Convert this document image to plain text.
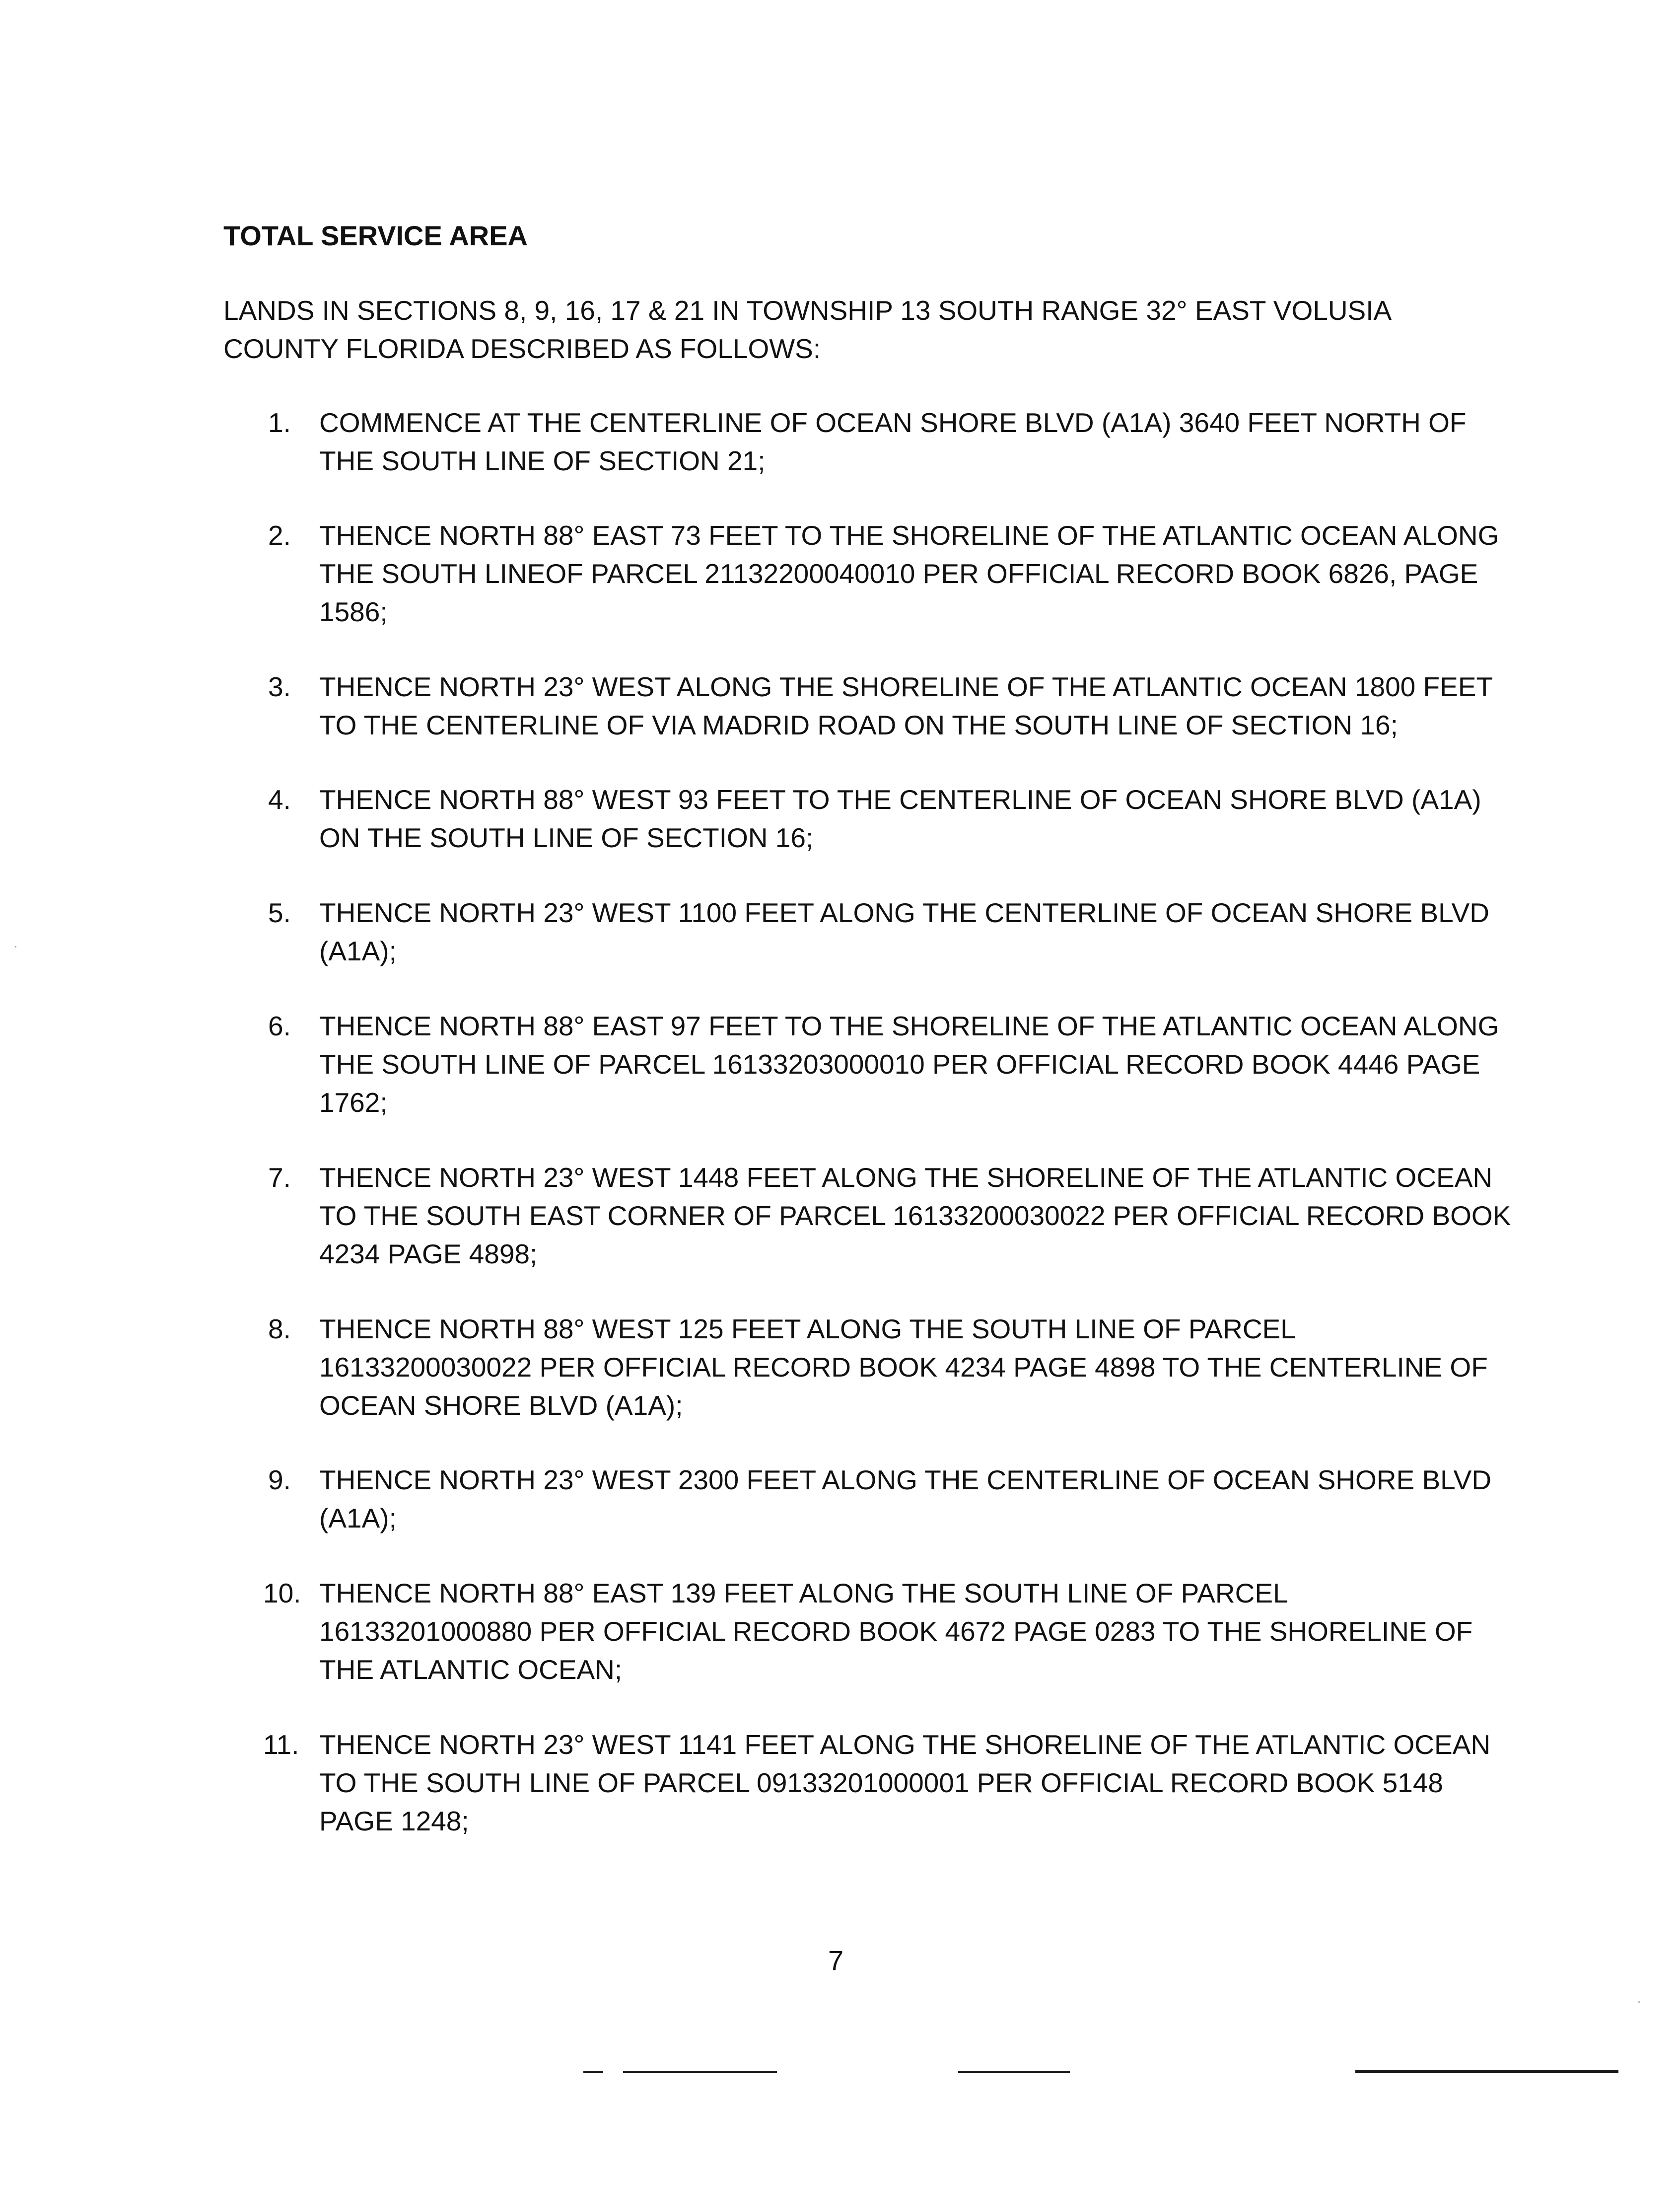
TOTAL SERVICE AREA
LANDS IN SECTIONS 8, 9, 16, 17 & 21 IN TOWNSHIP 13 SOUTH RANGE 32° EAST VOLUSIA
COUNTY FLORIDA DESCRIBED AS FOLLOWS:
1. COMMENCE AT THE CENTERLINE OF OCEAN SHORE BLVD (A1A) 3640 FEET NORTH OF
THE SOUTH LINE OF SECTION 21;
2. THENCE NORTH 88° EAST 73 FEET TO THE SHORELINE OF THE ATLANTIC OCEAN ALONG
THE SOUTH LINEOF PARCEL 21132200040010 PER OFFICIAL RECORD BOOK 6826, PAGE
1586;
3. THENCE NORTH 23° WEST ALONG THE SHORELINE OF THE ATLANTIC OCEAN 1800 FEET
TO THE CENTERLINE OF VIA MADRID ROAD ON THE SOUTH LINE OF SECTION 16;
4. THENCE NORTH 88° WEST 93 FEET TO THE CENTERLINE OF OCEAN SHORE BLVD (A1A)
ON THE SOUTH LINE OF SECTION 16;
5. THENCE NORTH 23° WEST 1100 FEET ALONG THE CENTERLINE OF OCEAN SHORE BLVD
(A1A);
6. THENCE NORTH 88° EAST 97 FEET TO THE SHORELINE OF THE ATLANTIC OCEAN ALONG
THE SOUTH LINE OF PARCEL 16133203000010 PER OFFICIAL RECORD BOOK 4446 PAGE
1762;
7. THENCE NORTH 23° WEST 1448 FEET ALONG THE SHORELINE OF THE ATLANTIC OCEAN
TO THE SOUTH EAST CORNER OF PARCEL 16133200030022 PER OFFICIAL RECORD BOOK
4234 PAGE 4898;
8. THENCE NORTH 88° WEST 125 FEET ALONG THE SOUTH LINE OF PARCEL
16133200030022 PER OFFICIAL RECORD BOOK 4234 PAGE 4898 TO THE CENTERLINE OF
OCEAN SHORE BLVD (A1A);
9. THENCE NORTH 23° WEST 2300 FEET ALONG THE CENTERLINE OF OCEAN SHORE BLVD
(A1A);
10. THENCE NORTH 88° EAST 139 FEET ALONG THE SOUTH LINE OF PARCEL
16133201000880 PER OFFICIAL RECORD BOOK 4672 PAGE 0283 TO THE SHORELINE OF
THE ATLANTIC OCEAN;
11. THENCE NORTH 23° WEST 1141 FEET ALONG THE SHORELINE OF THE ATLANTIC OCEAN
TO THE SOUTH LINE OF PARCEL 09133201000001 PER OFFICIAL RECORD BOOK 5148
PAGE 1248;
7
